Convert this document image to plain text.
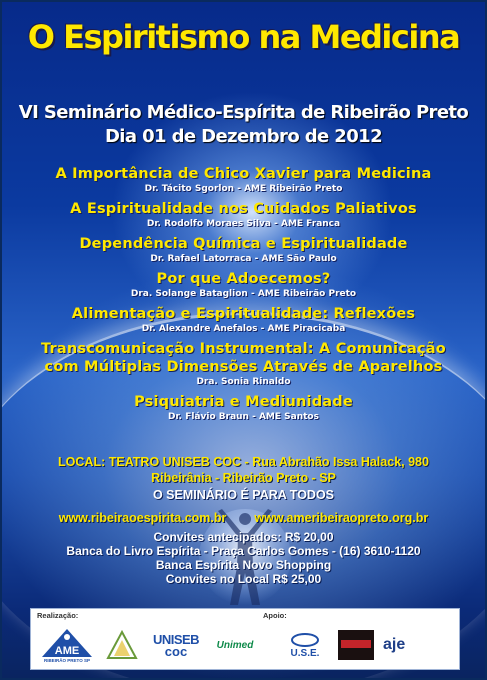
O Espiritismo na Medicina
VI Seminário Médico-Espírita de Ribeirão Preto
Dia 01 de Dezembro de 2012
A Importância de Chico Xavier para Medicina
Dr. Tácito Sgorlon - AME Ribeirão Preto
A Espiritualidade nos Cuidados Paliativos
Dr. Rodolfo Moraes Silva - AME Franca
Dependência Química e Espiritualidade
Dr. Rafael Latorraca - AME São Paulo
Por que Adoecemos?
Dra. Solange Bataglion - AME Ribeirão Preto
Alimentação e Espiritualidade: Reflexões
Dr. Alexandre Anefalos - AME Piracicaba
Transcomunicação Instrumental: A Comunicação com Múltiplas Dimensões Através de Aparelhos
Dra. Sonia Rinaldo
Psiquiatria e Mediunidade
Dr. Flávio Braun - AME Santos
LOCAL: TEATRO UNISEB COC - Rua Abrahão Issa Halack, 980
Ribeirânia - Ribeirão Preto - SP
O SEMINÁRIO É PARA TODOS
www.ribeiraoespirita.com.br www.ameribeiraopreto.org.br
Convites antecipados: R$ 20,00
Banca do Livro Espírita - Praça Carlos Gomes - (16) 3610-1120
Banca Espírita Novo Shopping
Convites no Local R$ 25,00
Realização:	Apoio:
AME
RIBEIRÃO PRETO SP
UNISEB
coc	Unimed
U.S.E.	aje
